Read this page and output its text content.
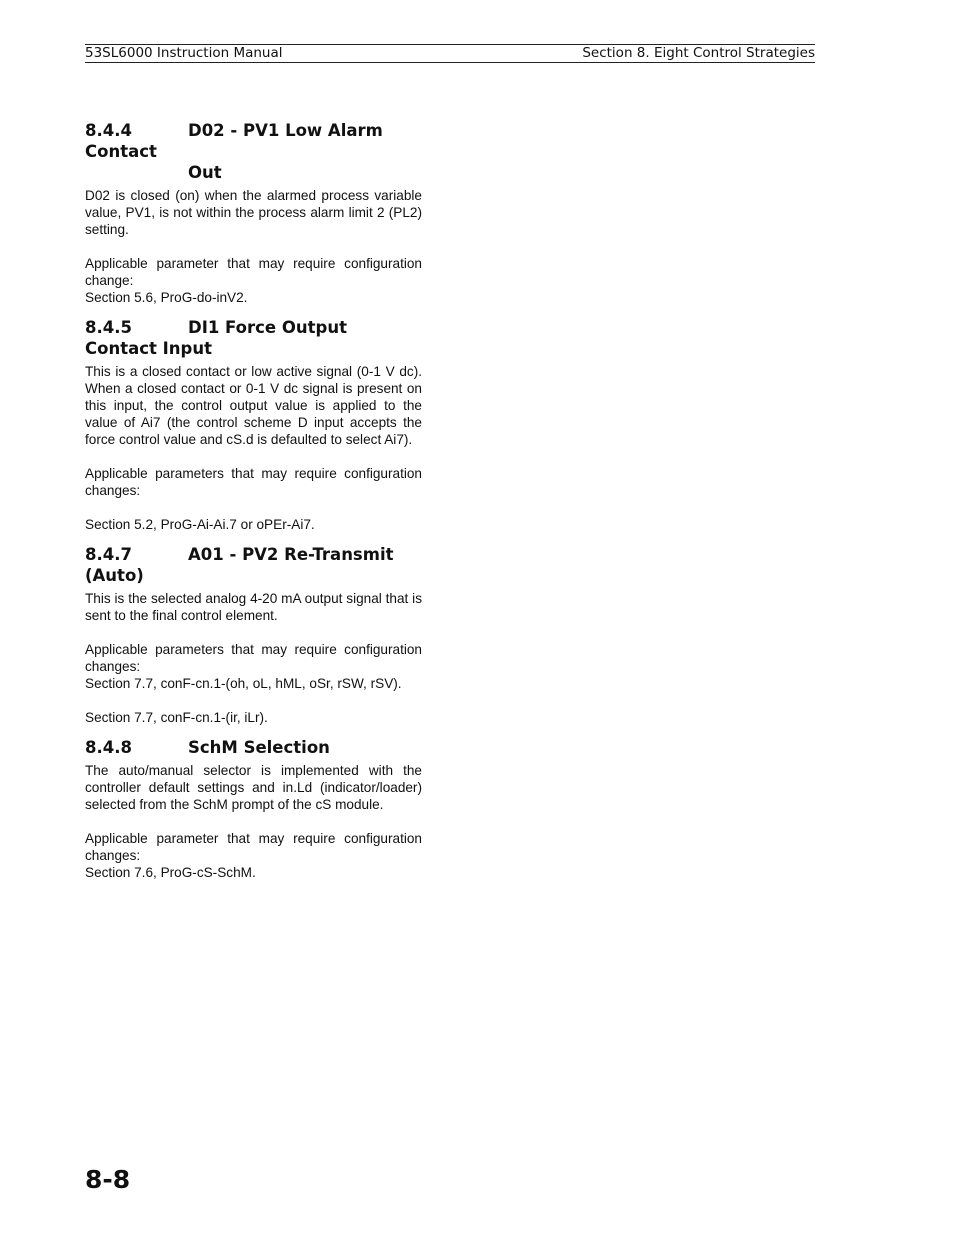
53SL6000 Instruction Manual	Section 8. Eight Control Strategies
8.4.4	D02 - PV1 Low Alarm Contact
Out
D02 is closed (on) when the alarmed process variable value, PV1, is not within the process alarm limit 2 (PL2) setting.
Applicable parameter that may require configuration change:
Section 5.6, ProG-do-inV2.
8.4.5	DI1 Force Output Contact Input
This is a closed contact or low active signal (0-1 V dc). When a closed contact or 0-1 V dc signal is present on this input, the control output value is applied to the value of Ai7 (the control scheme D input accepts the force control value and cS.d is defaulted to select Ai7).
Applicable parameters that may require configuration changes:
Section 5.2, ProG-Ai-Ai.7 or oPEr-Ai7.
8.4.7	A01 - PV2 Re-Transmit (Auto)
This is the selected analog 4-20 mA output signal that is sent to the final control element.
Applicable parameters that may require configuration changes:
Section 7.7, conF-cn.1-(oh, oL, hML, oSr, rSW, rSV).
Section 7.7, conF-cn.1-(ir, iLr).
8.4.8	SchM Selection
The auto/manual selector is implemented with the controller default settings and in.Ld (indicator/loader) selected from the SchM prompt of the cS module.
Applicable parameter that may require configuration changes:
Section 7.6, ProG-cS-SchM.
8-8
